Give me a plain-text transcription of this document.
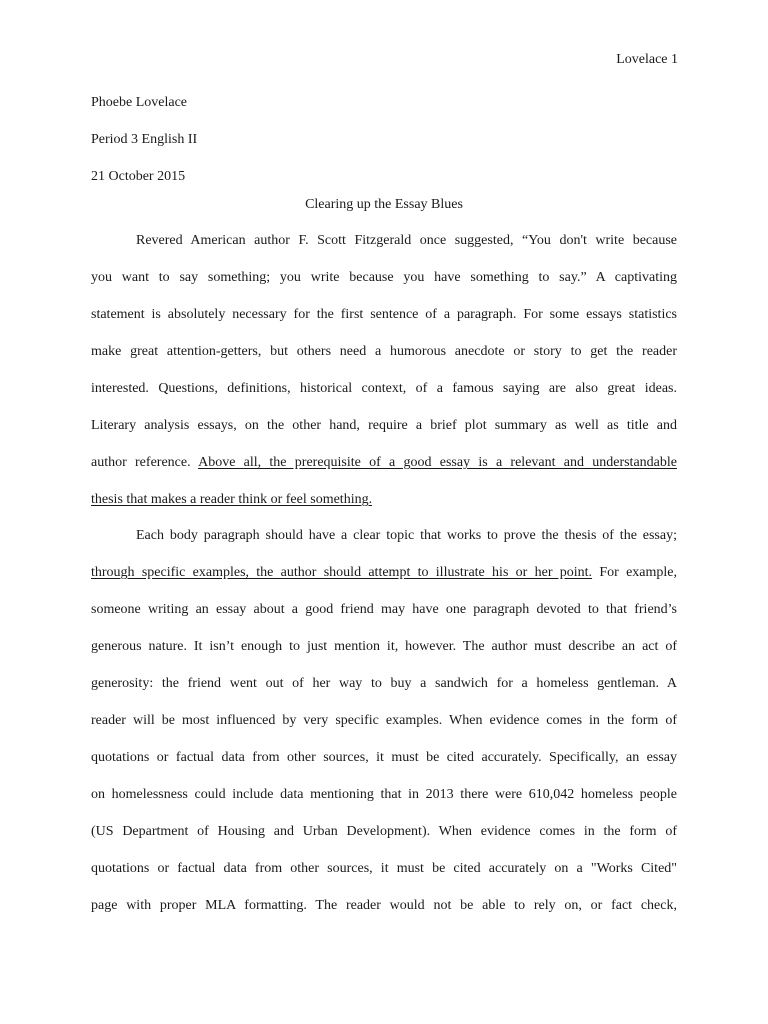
Lovelace 1
Phoebe Lovelace
Period 3 English II
21 October 2015
Clearing up the Essay Blues
Revered American author F. Scott Fitzgerald once suggested, “You don't write because
you want to say something; you write because you have something to say.” A captivating
statement is absolutely necessary for the first sentence of a paragraph. For some essays statistics
make great attention-getters, but others need a humorous anecdote or story to get the reader
interested. Questions, definitions, historical context, of a famous saying are also great ideas.
Literary analysis essays, on the other hand, require a brief plot summary as well as title and
author reference. Above all, the prerequisite of a good essay is a relevant and understandable
thesis that makes a reader think or feel something.
Each body paragraph should have a clear topic that works to prove the thesis of the essay;
through specific examples, the author should attempt to illustrate his or her point. For example,
someone writing an essay about a good friend may have one paragraph devoted to that friend’s
generous nature. It isn’t enough to just mention it, however. The author must describe an act of
generosity: the friend went out of her way to buy a sandwich for a homeless gentleman. A
reader will be most influenced by very specific examples. When evidence comes in the form of
quotations or factual data from other sources, it must be cited accurately. Specifically, an essay
on homelessness could include data mentioning that in 2013 there were 610,042 homeless people
(US Department of Housing and Urban Development). When evidence comes in the form of
quotations or factual data from other sources, it must be cited accurately on a "Works Cited"
page with proper MLA formatting. The reader would not be able to rely on, or fact check,
